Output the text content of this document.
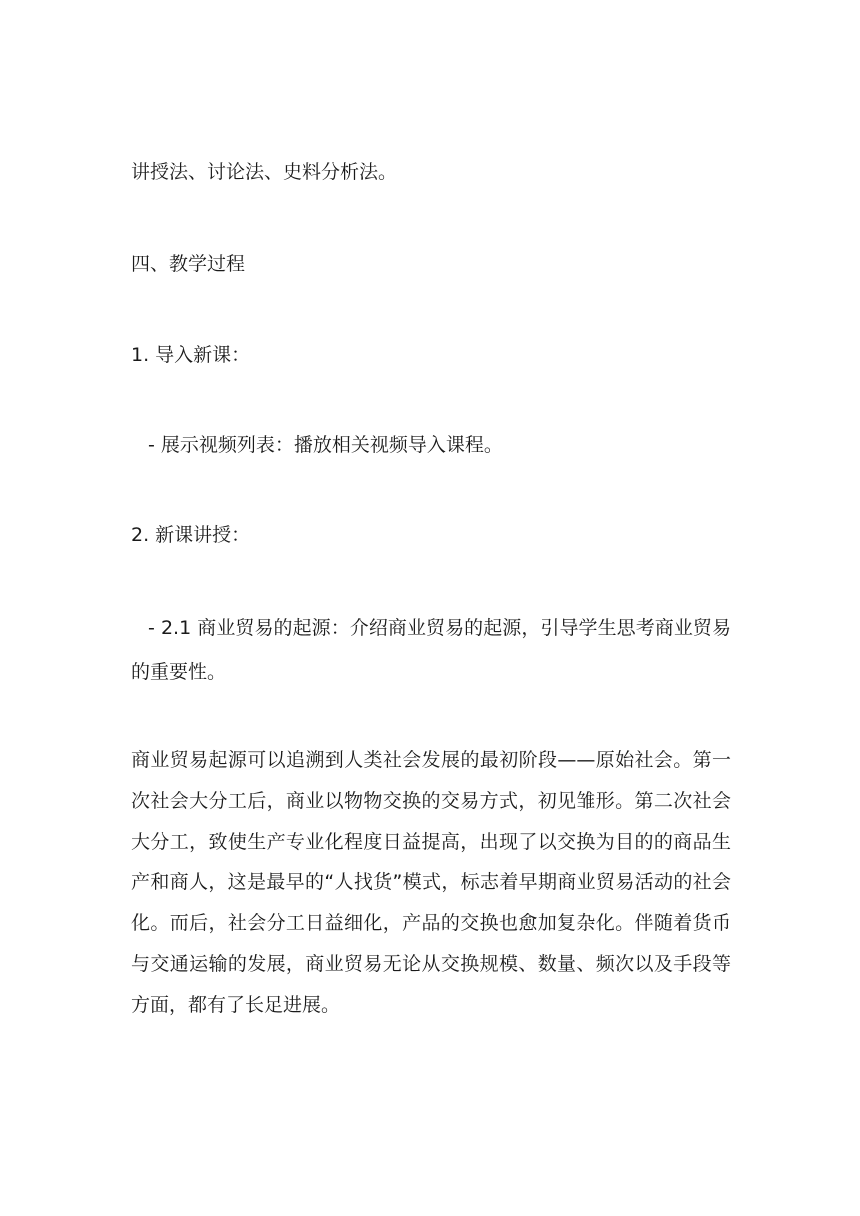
讲授法、讨论法、史料分析法。
四、教学过程
1. 导入新课：
- 展示视频列表：播放相关视频导入课程。
2. 新课讲授：
- 2.1 商业贸易的起源：介绍商业贸易的起源，引导学生思考商业贸易的重要性。
商业贸易起源可以追溯到人类社会发展的最初阶段——原始社会。第一次社会大分工后，商业以物物交换的交易方式，初见雏形。第二次社会大分工，致使生产专业化程度日益提高，出现了以交换为目的的商品生产和商人，这是最早的“人找货”模式，标志着早期商业贸易活动的社会化。而后，社会分工日益细化，产品的交换也愈加复杂化。伴随着货币与交通运输的发展，商业贸易无论从交换规模、数量、频次以及手段等方面，都有了长足进展。
